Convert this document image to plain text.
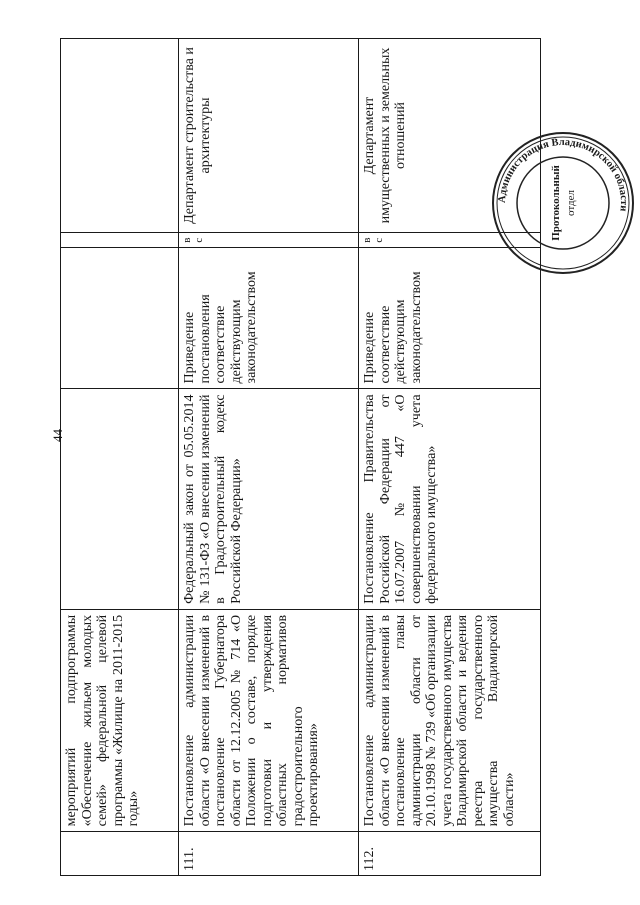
44
	мероприятий подпрограммы «Обеспечение жильем молодых семей» федеральной целевой программы «Жилище на 2011-2015 годы»			

111.	Постановление администрации области «О внесении изменений в постановление Губернатора области от 12.12.2005 № 714 «О Положении о составе, порядке подготовки и утверждения областных нормативов градостроительного проектирования»	Федеральный закон от 05.05.2014 № 131-ФЗ «О внесении изменений в Градостроительный кодекс Российской Федерации»	Приведение постановления соответствие действующим законодательством	в с	Департамент строительства и архитектуры
112.	Постановление администрации области «О внесении изменений в постановление главы администрации области от 20.10.1998 № 739 «Об организации учета государственного имущества Владимирской области и ведения реестра государственного имущества Владимирской области»	Постановление Правительства Российской Федерации от 16.07.2007 № 447 «О совершенствовании учета федерального имущества»	Приведение соответствие действующим законодательством	в с	Департамент имущественных и земельных отношений
Администрация Владимирской области
Протокольный отдел
